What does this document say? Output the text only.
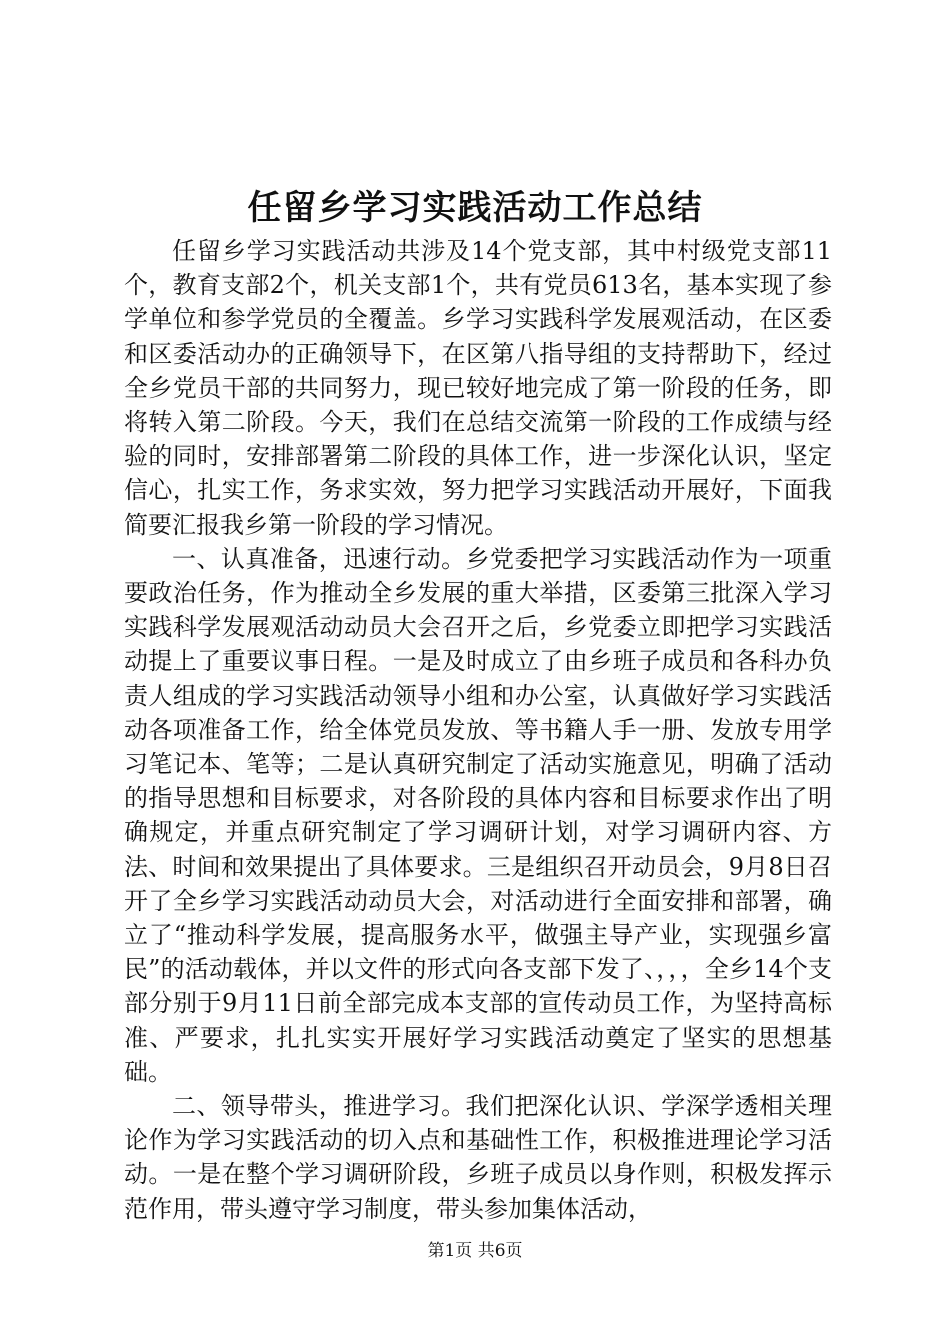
任留乡学习实践活动工作总结

任留乡学习实践活动共涉及14个党支部，其中村级党支部11个，教育支部2个，机关支部1个，共有党员613名，基本实现了参学单位和参学党员的全覆盖。乡学习实践科学发展观活动，在区委和区委活动办的正确领导下，在区第八指导组的支持帮助下，经过全乡党员干部的共同努力，现已较好地完成了第一阶段的任务，即将转入第二阶段。今天，我们在总结交流第一阶段的工作成绩与经验的同时，安排部署第二阶段的具体工作，进一步深化认识，坚定信心，扎实工作，务求实效，努力把学习实践活动开展好，下面我简要汇报我乡第一阶段的学习情况。

一、认真准备，迅速行动。乡党委把学习实践活动作为一项重要政治任务，作为推动全乡发展的重大举措，区委第三批深入学习实践科学发展观活动动员大会召开之后，乡党委立即把学习实践活动提上了重要议事日程。一是及时成立了由乡班子成员和各科办负责人组成的学习实践活动领导小组和办公室，认真做好学习实践活动各项准备工作，给全体党员发放、等书籍人手一册、发放专用学习笔记本、笔等；二是认真研究制定了活动实施意见，明确了活动的指导思想和目标要求，对各阶段的具体内容和目标要求作出了明确规定，并重点研究制定了学习调研计划，对学习调研内容、方法、时间和效果提出了具体要求。三是组织召开动员会，9月8日召开了全乡学习实践活动动员大会，对活动进行全面安排和部署，确立了“推动科学发展，提高服务水平，做强主导产业，实现强乡富民”的活动载体，并以文件的形式向各支部下发了、，，，全乡14个支部分别于9月11日前全部完成本支部的宣传动员工作，为坚持高标准、严要求，扎扎实实开展好学习实践活动奠定了坚实的思想基础。

二、领导带头，推进学习。我们把深化认识、学深学透相关理论作为学习实践活动的切入点和基础性工作，积极推进理论学习活动。一是在整个学习调研阶段，乡班子成员以身作则，积极发挥示范作用，带头遵守学习制度，带头参加集体活动，

第1页 共6页
